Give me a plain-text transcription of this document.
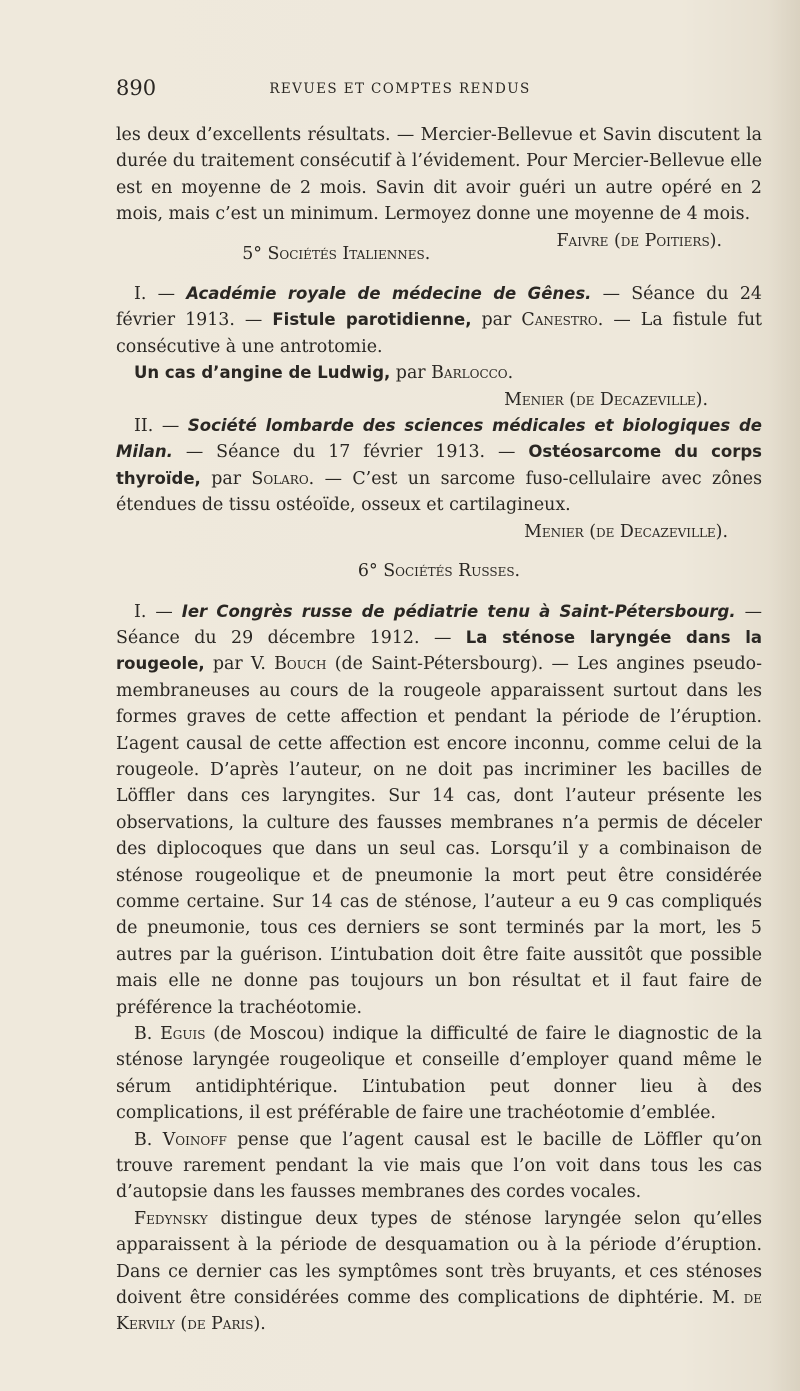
890	REVUES ET COMPTES RENDUS

les deux d’excellents résultats. — Mercier-Bellevue et Savin discutent la durée du traitement consécutif à l’évidement. Pour Mercier-Bellevue elle est en moyenne de 2 mois. Savin dit avoir guéri un autre opéré en 2 mois, mais c’est un minimum. Lermoyez donne une moyenne de 4 mois.
Faivre (de Poitiers).

5° Sociétés Italiennes.

I. — Académie royale de médecine de Gênes. — Séance du 24 février 1913. — Fistule parotidienne, par Canestro. — La fistule fut consécutive à une antrotomie.

Un cas d’angine de Ludwig, par Barlocco.

Menier (de Decazeville).

II. — Société lombarde des sciences médicales et biologiques de Milan. — Séance du 17 février 1913. — Ostéosarcome du corps thyroïde, par Solaro. — C’est un sarcome fuso-cellulaire avec zônes étendues de tissu ostéoïde, osseux et cartilagineux.

Menier (de Decazeville).

6° Sociétés Russes.

I. — Ier Congrès russe de pédiatrie tenu à Saint-Pétersbourg. — Séance du 29 décembre 1912. — La sténose laryngée dans la rougeole, par V. Bouch (de Saint-Pétersbourg). — Les angines pseudo-membraneuses au cours de la rougeole apparaissent surtout dans les formes graves de cette affection et pendant la période de l’éruption. L’agent causal de cette affection est encore inconnu, comme celui de la rougeole. D’après l’auteur, on ne doit pas incriminer les bacilles de Löffler dans ces laryngites. Sur 14 cas, dont l’auteur présente les observations, la culture des fausses membranes n’a permis de déceler des diplocoques que dans un seul cas. Lorsqu’il y a combinaison de sténose rougeolique et de pneumonie la mort peut être considérée comme certaine. Sur 14 cas de sténose, l’auteur a eu 9 cas compliqués de pneumonie, tous ces derniers se sont terminés par la mort, les 5 autres par la guérison. L’intubation doit être faite aussitôt que possible mais elle ne donne pas toujours un bon résultat et il faut faire de préférence la trachéotomie.

B. Eguis (de Moscou) indique la difficulté de faire le diagnostic de la sténose laryngée rougeolique et conseille d’employer quand même le sérum antidiphtérique. L’intubation peut donner lieu à des complications, il est préférable de faire une trachéotomie d’emblée.

B. Voinoff pense que l’agent causal est le bacille de Löffler qu’on trouve rarement pendant la vie mais que l’on voit dans tous les cas d’autopsie dans les fausses membranes des cordes vocales.

Fedynsky distingue deux types de sténose laryngée selon qu’elles apparaissent à la période de desquamation ou à la période d’éruption. Dans ce dernier cas les symptômes sont très bruyants, et ces sténoses doivent être considérées comme des complications de diphtérie. M. de Kervily (de Paris).
